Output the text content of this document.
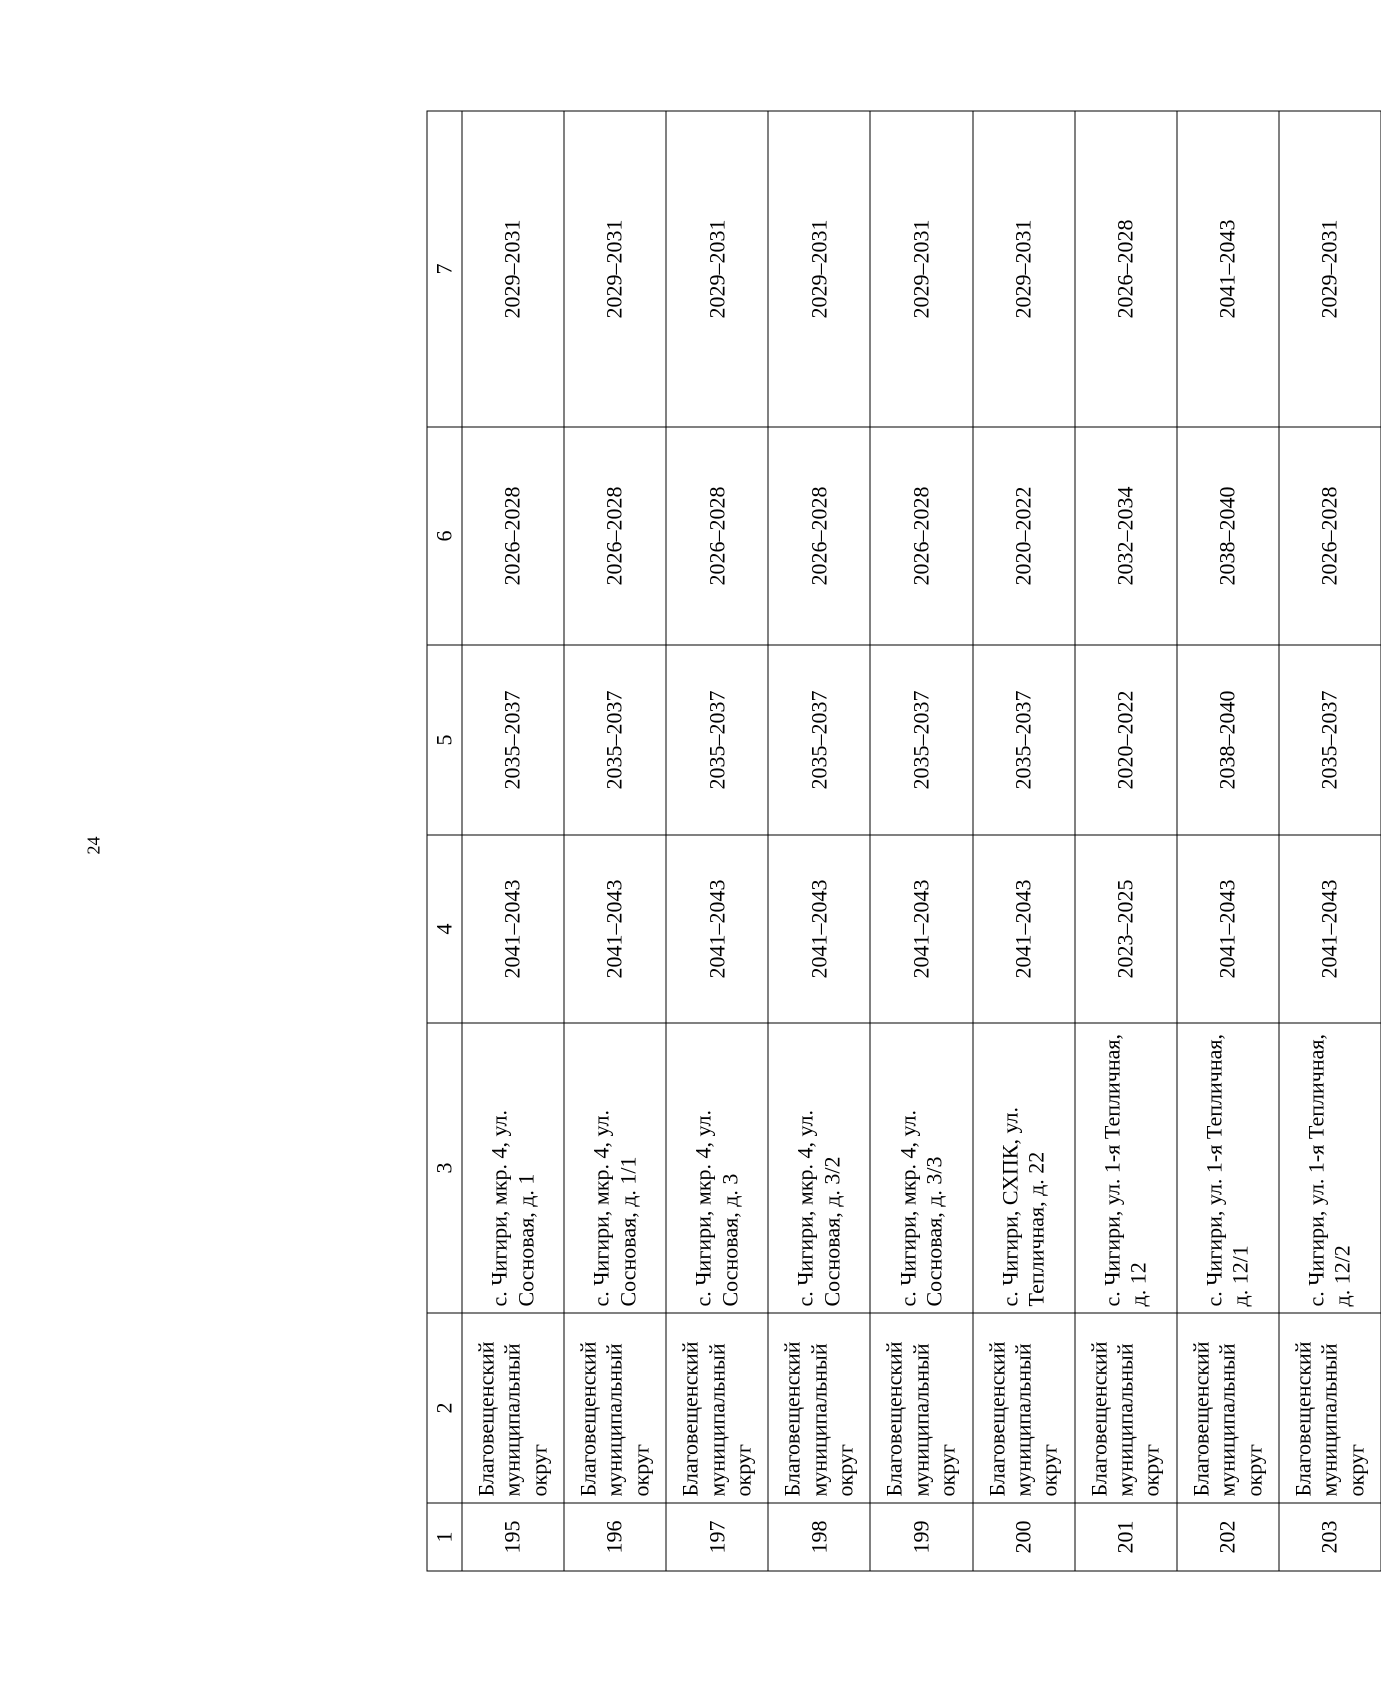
24
1	2	3	4	5	6	7
195	Благовещенский муниципальный округ	с. Чигири, мкр. 4, ул. Сосновая, д. 1	2041–2043	2035–2037	2026–2028	2029–2031
196	Благовещенский муниципальный округ	с. Чигири, мкр. 4, ул. Сосновая, д. 1/1	2041–2043	2035–2037	2026–2028	2029–2031
197	Благовещенский муниципальный округ	с. Чигири, мкр. 4, ул. Сосновая, д. 3	2041–2043	2035–2037	2026–2028	2029–2031
198	Благовещенский муниципальный округ	с. Чигири, мкр. 4, ул. Сосновая, д. 3/2	2041–2043	2035–2037	2026–2028	2029–2031
199	Благовещенский муниципальный округ	с. Чигири, мкр. 4, ул. Сосновая, д. 3/3	2041–2043	2035–2037	2026–2028	2029–2031
200	Благовещенский муниципальный округ	с. Чигири, СХПК, ул. Тепличная, д. 22	2041–2043	2035–2037	2020–2022	2029–2031
201	Благовещенский муниципальный округ	с. Чигири, ул. 1-я Тепличная, д. 12	2023–2025	2020–2022	2032–2034	2026–2028
202	Благовещенский муниципальный округ	с. Чигири, ул. 1-я Тепличная, д. 12/1	2041–2043	2038–2040	2038–2040	2041–2043
203	Благовещенский муниципальный округ	с. Чигири, ул. 1-я Тепличная, д. 12/2	2041–2043	2035–2037	2026–2028	2029–2031
